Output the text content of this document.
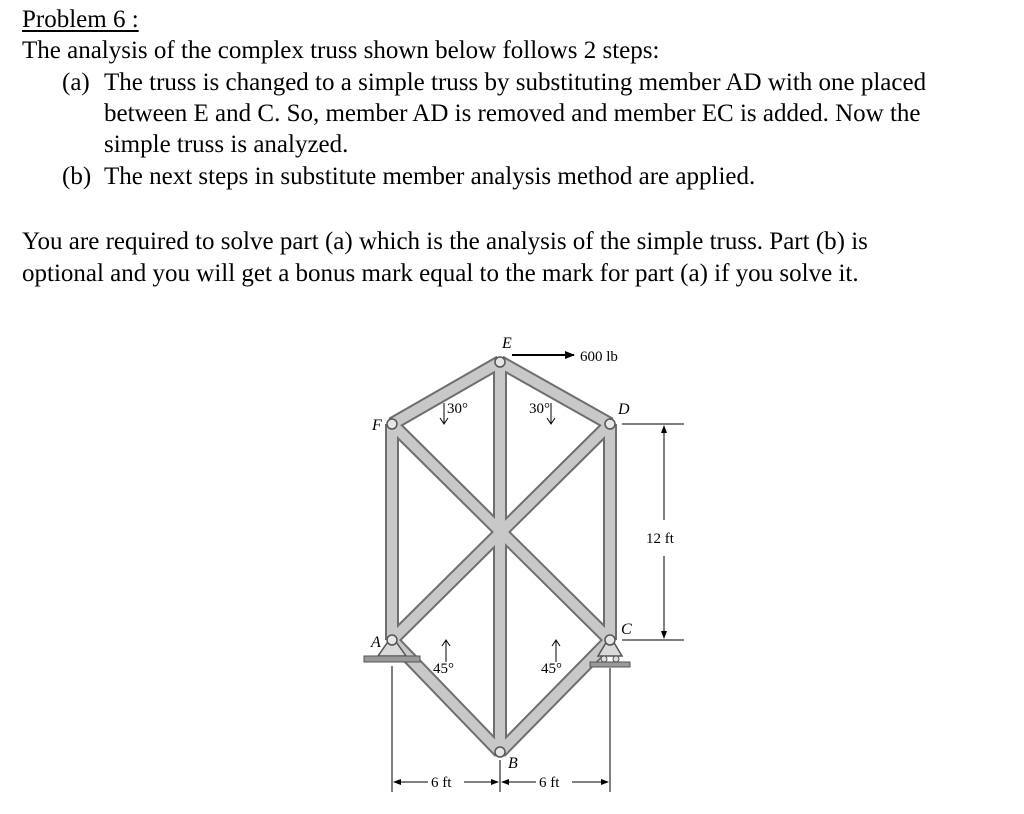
Problem 6 :
The analysis of the complex truss shown below follows 2 steps:
(a) The truss is changed to a simple truss by substituting member AD with one placed
between E and C. So, member AD is removed and member EC is added. Now the
simple truss is analyzed.
(b) The next steps in substitute member analysis method are applied.
You are required to solve part (a) which is the analysis of the simple truss. Part (b) is
optional and you will get a bonus mark equal to the mark for part (a) if you solve it.
600 lb
E
F
D
A
C
B
30°	30°
45°	45°
12 ft
6 ft	6 ft
